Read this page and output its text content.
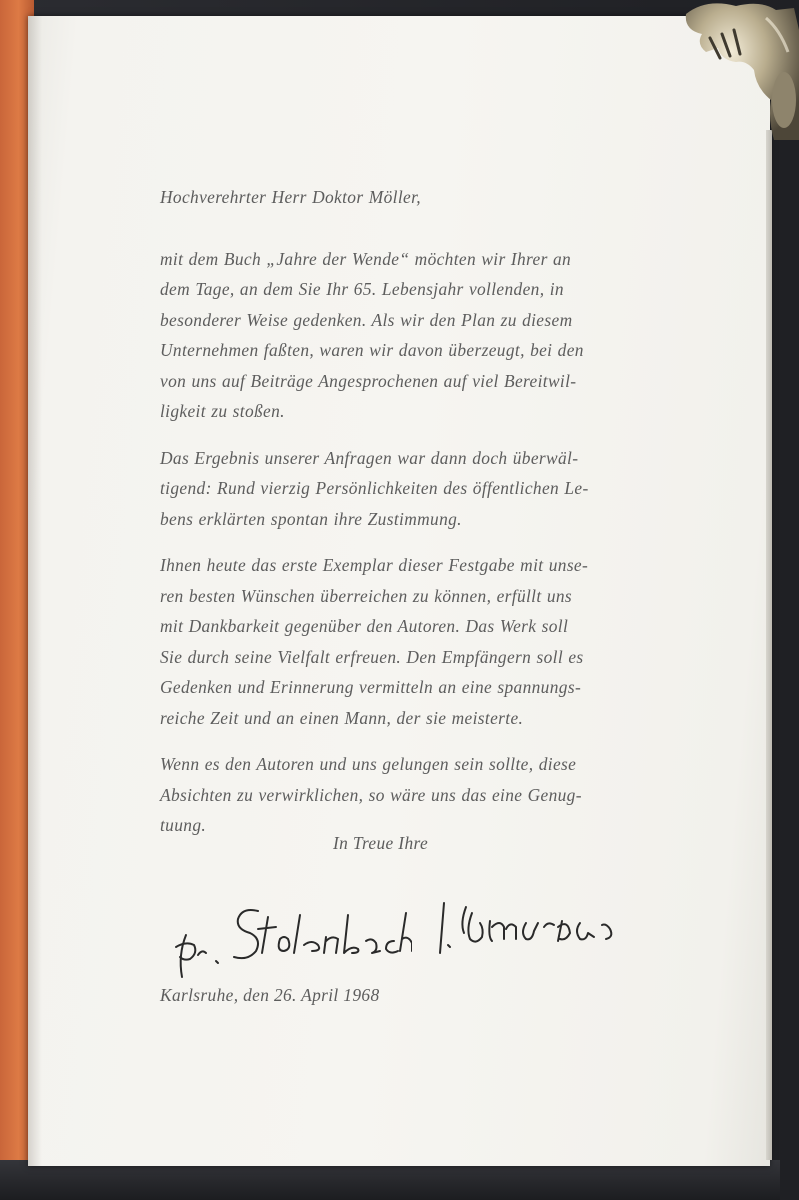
Hochverehrter Herr Doktor Möller,

mit dem Buch „Jahre der Wende“ möchten wir Ihrer an
dem Tage, an dem Sie Ihr 65. Lebensjahr vollenden, in
besonderer Weise gedenken. Als wir den Plan zu diesem
Unternehmen faßten, waren wir davon überzeugt, bei den
von uns auf Beiträge Angesprochenen auf viel Bereitwil-
ligkeit zu stoßen.

Das Ergebnis unserer Anfragen war dann doch überwäl-
tigend: Rund vierzig Persönlichkeiten des öffentlichen Le-
bens erklärten spontan ihre Zustimmung.

Ihnen heute das erste Exemplar dieser Festgabe mit unse-
ren besten Wünschen überreichen zu können, erfüllt uns
mit Dankbarkeit gegenüber den Autoren. Das Werk soll
Sie durch seine Vielfalt erfreuen. Den Empfängern soll es
Gedenken und Erinnerung vermitteln an eine spannungs-
reiche Zeit und an einen Mann, der sie meisterte.

Wenn es den Autoren und uns gelungen sein sollte, diese
Absichten zu verwirklichen, so wäre uns das eine Genug-
tuung.

In Treue Ihre
Karlsruhe, den 26. April 1968
